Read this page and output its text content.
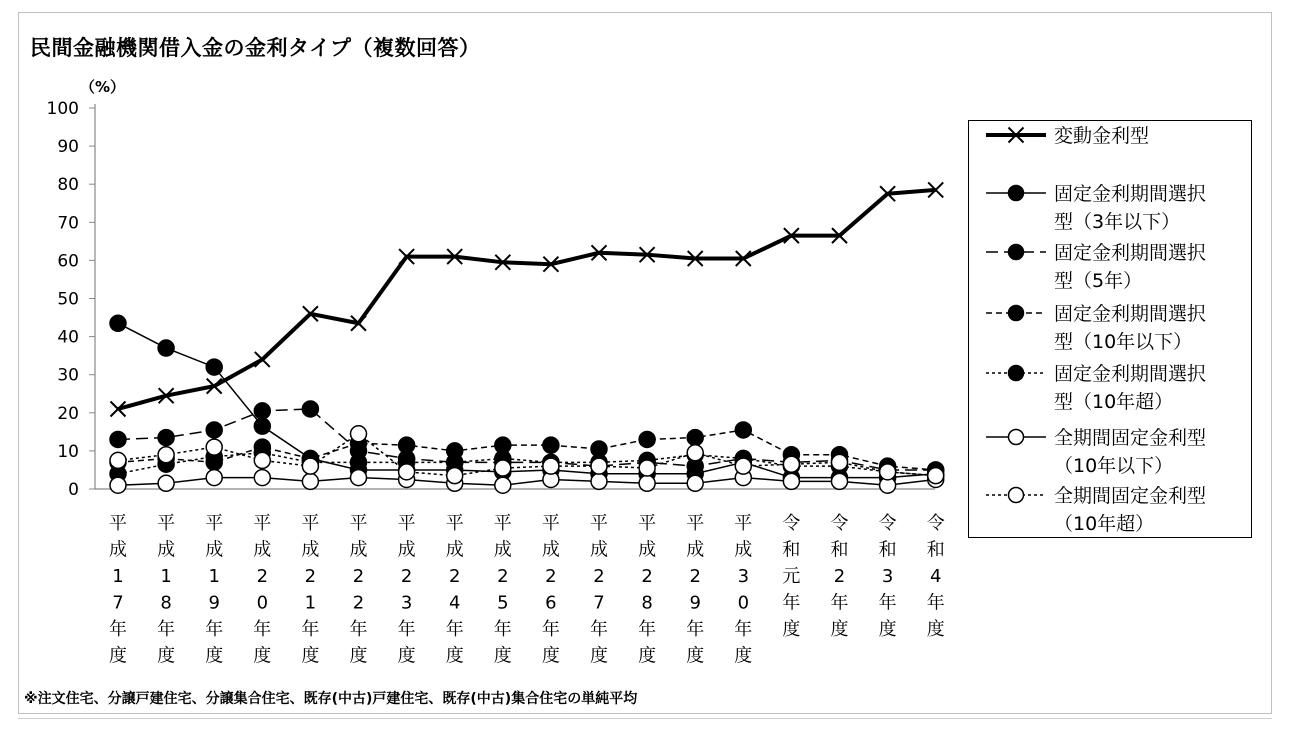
民間金融機関借入金の金利タイプ（複数回答）
※注文住宅、分譲戸建住宅、分譲集合住宅、既存(中古)戸建住宅、既存(中古)集合住宅の単純平均
100
90
80
70
60
50
40
30
20
10
0
（%）
平
成
1
7
年
度
平
成
1
8
年
度
平
成
1
9
年
度
平
成
2
0
年
度
平
成
2
1
年
度
平
成
2
2
年
度
平
成
2
3
年
度
平
成
2
4
年
度
平
成
2
5
年
度
平
成
2
6
年
度
平
成
2
7
年
度
平
成
2
8
年
度
平
成
2
9
年
度
平
成
3
0
年
度
令
和
元
年
度
令
和
2
年
度
令
和
3
年
度
令
和
4
年
度
変動金利型
固定金利期間選択
型（3年以下）
固定金利期間選択
型（5年）
固定金利期間選択
型（10年以下）
固定金利期間選択
型（10年超）
全期間固定金利型
（10年以下）
全期間固定金利型
（10年超）
